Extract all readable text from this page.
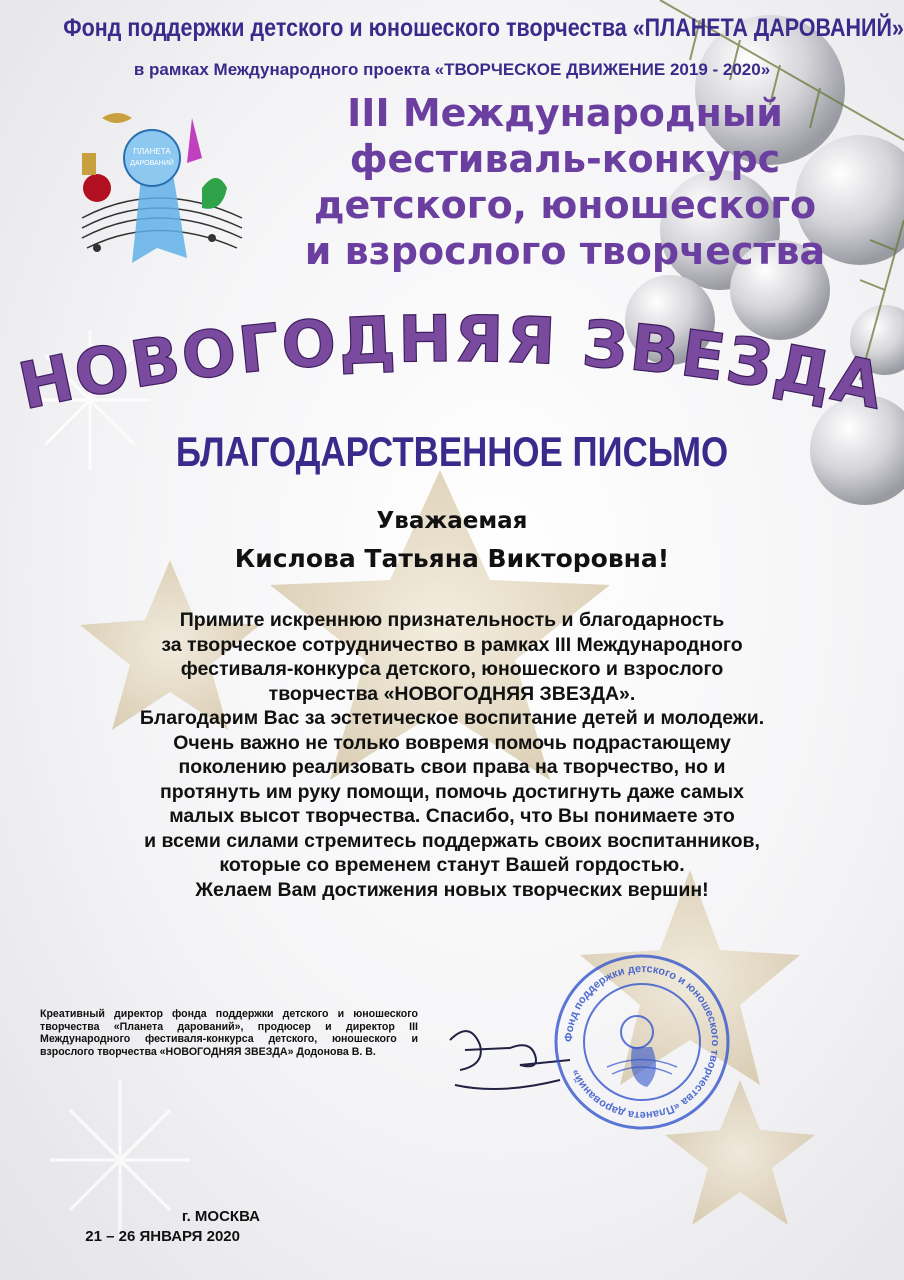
Фонд поддержки детского и юношеского творчества «ПЛАНЕТА ДАРОВАНИЙ»
в рамках Международного проекта «ТВОРЧЕСКОЕ ДВИЖЕНИЕ 2019 - 2020»
ПЛАНЕТА
ДАРОВАНИЙ
III Международный
фестиваль-конкурс
детского, юношеского
и взрослого творчества
НОВОГОДНЯЯ ЗВЕЗДА
БЛАГОДАРСТВЕННОЕ ПИСЬМО
Уважаемая
Кислова Татьяна Викторовна!
Примите искреннюю признательность и благодарность
за творческое сотрудничество в рамках III Международного
фестиваля-конкурса детского, юношеского и взрослого
творчества «НОВОГОДНЯЯ ЗВЕЗДА».
Благодарим Вас за эстетическое воспитание детей и молодежи.
Очень важно не только вовремя помочь подрастающему
поколению реализовать свои права на творчество, но и
протянуть им руку помощи, помочь достигнуть даже самых
малых высот творчества. Спасибо, что Вы понимаете это
и всеми силами стремитесь поддержать своих воспитанников,
которые со временем станут Вашей гордостью.
Желаем Вам достижения новых творческих вершин!
Креативный директор фонда поддержки детского и юношеского творчества «Планета дарований», продюсер и директор III Международного фестиваля-конкурса детского, юношеского и взрослого творчества «НОВОГОДНЯЯ ЗВЕЗДА» Додонова В. В.
Фонд поддержки детского и юношеского творчества «Планета дарований»
г. МОСКВА
21 – 26 ЯНВАРЯ 2020
